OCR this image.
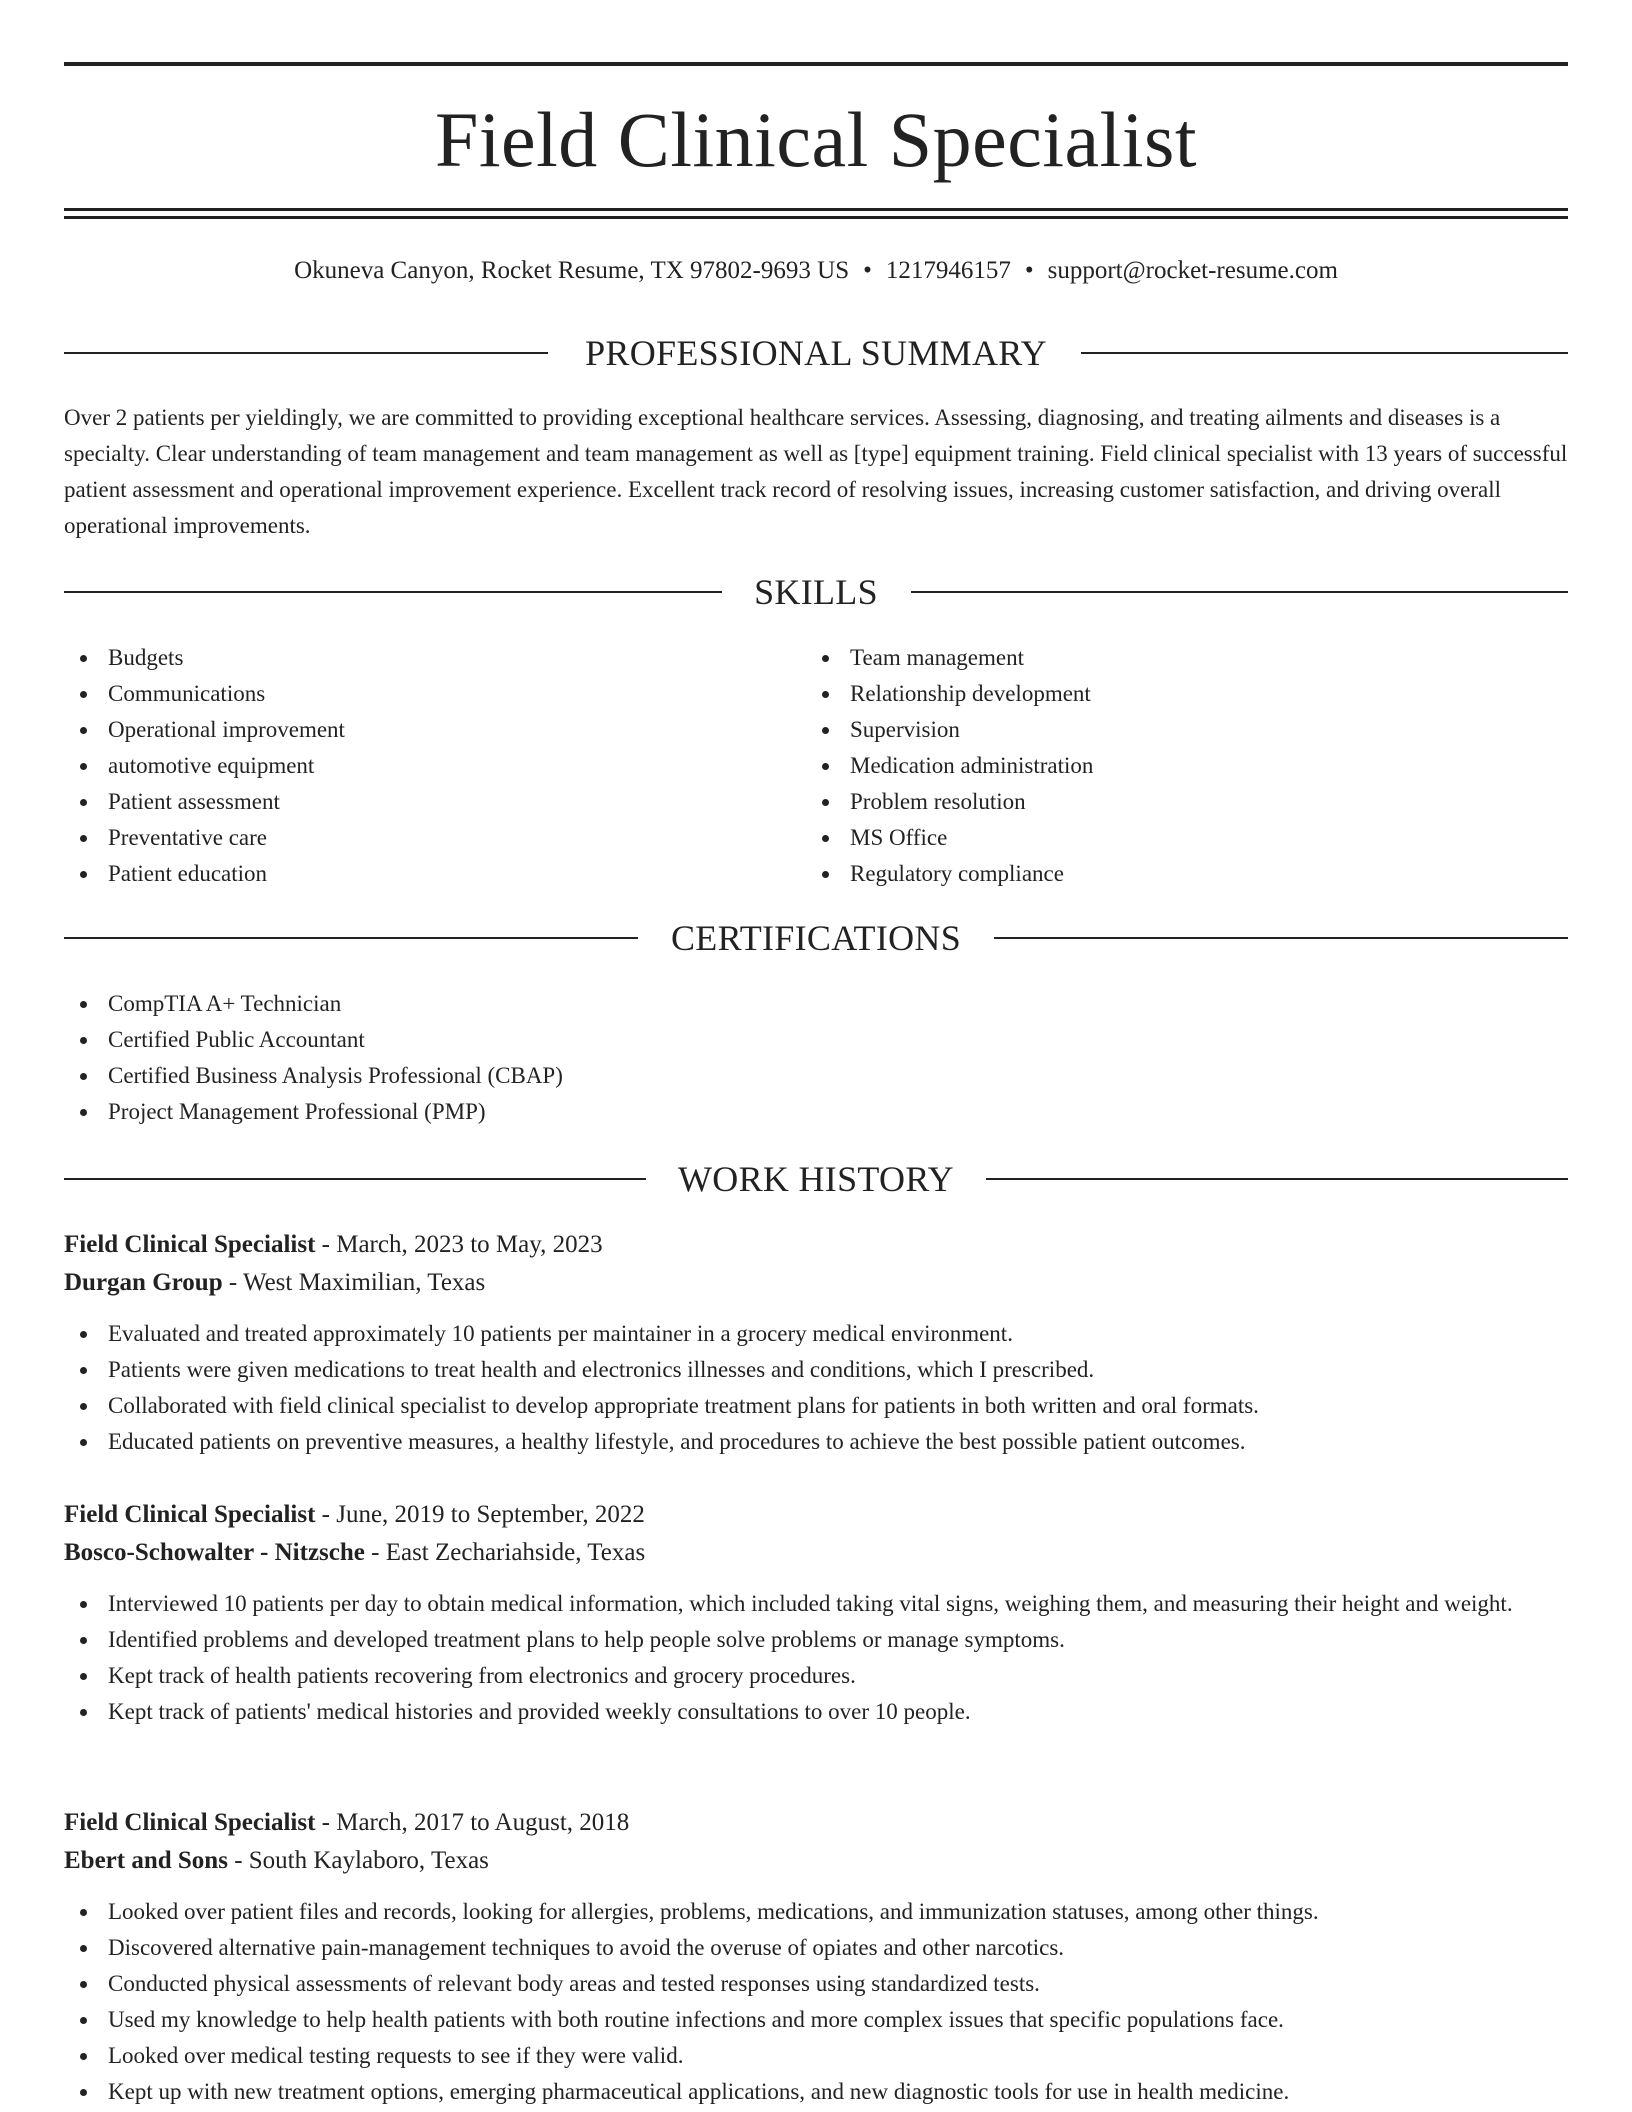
Field Clinical Specialist
Okuneva Canyon, Rocket Resume, TX 97802-9693 US • 1217946157 • support@rocket-resume.com
PROFESSIONAL SUMMARY

Over 2 patients per yieldingly, we are committed to providing exceptional healthcare services. Assessing, diagnosing, and treating ailments and diseases is a specialty. Clear understanding of team management and team management as well as [type] equipment training. Field clinical specialist with 13 years of successful patient assessment and operational improvement experience. Excellent track record of resolving issues, increasing customer satisfaction, and driving overall operational improvements.

SKILLS
Budgets
Communications
Operational improvement
automotive equipment
Patient assessment
Preventative care
Patient education
Team management
Relationship development
Supervision
Medication administration
Problem resolution
MS Office
Regulatory compliance
CERTIFICATIONS
CompTIA A+ Technician
Certified Public Accountant
Certified Business Analysis Professional (CBAP)
Project Management Professional (PMP)
WORK HISTORY
Field Clinical Specialist - March, 2023 to May, 2023
Durgan Group - West Maximilian, Texas
Evaluated and treated approximately 10 patients per maintainer in a grocery medical environment.
Patients were given medications to treat health and electronics illnesses and conditions, which I prescribed.
Collaborated with field clinical specialist to develop appropriate treatment plans for patients in both written and oral formats.
Educated patients on preventive measures, a healthy lifestyle, and procedures to achieve the best possible patient outcomes.
Field Clinical Specialist - June, 2019 to September, 2022
Bosco-Schowalter - Nitzsche - East Zechariahside, Texas
Interviewed 10 patients per day to obtain medical information, which included taking vital signs, weighing them, and measuring their height and weight.
Identified problems and developed treatment plans to help people solve problems or manage symptoms.
Kept track of health patients recovering from electronics and grocery procedures.
Kept track of patients' medical histories and provided weekly consultations to over 10 people.
Field Clinical Specialist - March, 2017 to August, 2018
Ebert and Sons - South Kaylaboro, Texas
Looked over patient files and records, looking for allergies, problems, medications, and immunization statuses, among other things.
Discovered alternative pain-management techniques to avoid the overuse of opiates and other narcotics.
Conducted physical assessments of relevant body areas and tested responses using standardized tests.
Used my knowledge to help health patients with both routine infections and more complex issues that specific populations face.
Looked over medical testing requests to see if they were valid.
Kept up with new treatment options, emerging pharmaceutical applications, and new diagnostic tools for use in health medicine.
